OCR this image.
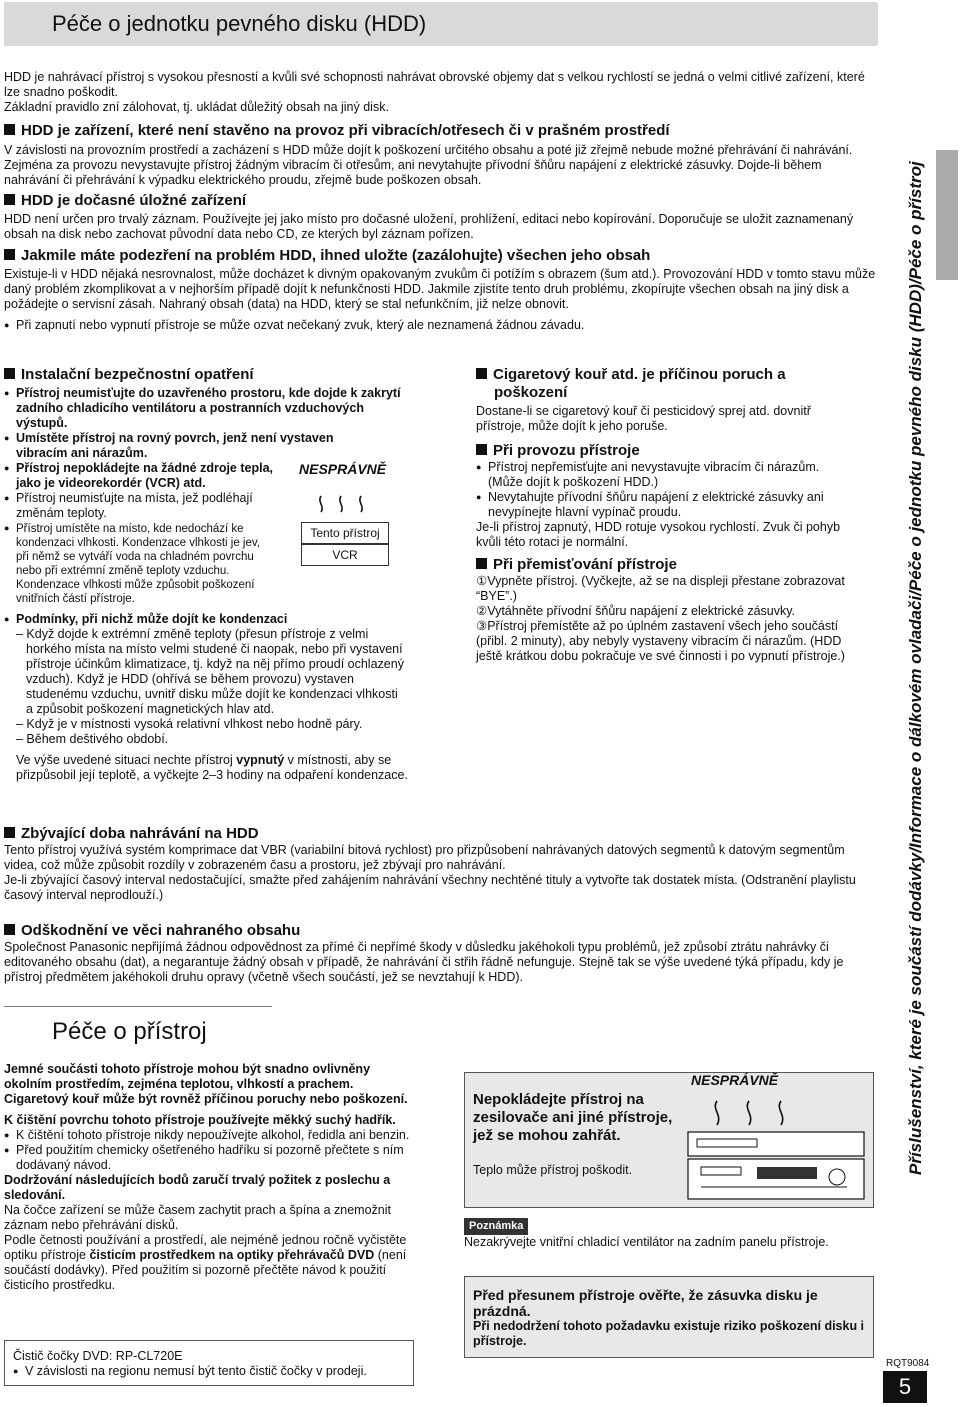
Péče o jednotku pevného disku (HDD)

HDD je nahrávací přístroj s vysokou přesností a kvůli své schopnosti nahrávat obrovské objemy dat s velkou rychlostí se jedná o velmi citlivé zařízení, které lze snadno poškodit.

Základní pravidlo zní zálohovat, tj. ukládat důležitý obsah na jiný disk.

HDD je zařízení, které není stavěno na provoz při vibracích/otřesech či v prašném prostředí

V závislosti na provozním prostředí a zacházení s HDD může dojít k poškození určitého obsahu a poté již zřejmě nebude možné přehrávání či nahrávání. Zejména za provozu nevystavujte přístroj žádným vibracím či otřesům, ani nevytahujte přívodní šňůru napájení z elektrické zásuvky. Dojde-li během nahrávání či přehrávání k výpadku elektrického proudu, zřejmě bude poškozen obsah.

HDD je dočasné úložné zařízení

HDD není určen pro trvalý záznam. Používejte jej jako místo pro dočasné uložení, prohlížení, editaci nebo kopírování. Doporučuje se uložit zaznamenaný obsah na disk nebo zachovat původní data nebo CD, ze kterých byl záznam pořízen.

Jakmile máte podezření na problém HDD, ihned uložte (zazálohujte) všechen jeho obsah

Existuje-li v HDD nějaká nesrovnalost, může docházet k divným opakovaným zvukům či potížím s obrazem (šum atd.). Provozování HDD v tomto stavu může daný problém zkomplikovat a v nejhorším případě dojít k nefunkčnosti HDD. Jakmile zjistíte tento druh problému, zkopírujte všechen obsah na jiný disk a požádejte o servisní zásah. Nahraný obsah (data) na HDD, který se stal nefunkčním, již nelze obnovit.

● Při zapnutí nebo vypnutí přístroje se může ozvat nečekaný zvuk, který ale neznamená žádnou závadu.

Instalační bezpečnostní opatření

● Přístroj neumisťujte do uzavřeného prostoru, kde dojde k zakrytí zadního chladicího ventilátoru a postranních vzduchových výstupů.

● Umístěte přístroj na rovný povrch, jenž není vystaven vibracím ani nárazům.

● Přístroj nepokládejte na žádné zdroje tepla, jako je videorekordér (VCR) atd.

● Přístroj neumisťujte na místa, jež podléhají změnám teploty.

● Přístroj umístěte na místo, kde nedochází ke kondenzaci vlhkosti. Kondenzace vlhkosti je jev, při němž se vytváří voda na chladném povrchu nebo při extrémní změně teploty vzduchu. Kondenzace vlhkosti může způsobit poškození vnitřních částí přístroje.

● Podmínky, při nichž může dojít ke kondenzaci

– Když dojde k extrémní změně teploty (přesun přístroje z velmi horkého místa na místo velmi studené či naopak, nebo při vystavení přístroje účinkům klimatizace, tj. když na něj přímo proudí ochlazený vzduch). Když je HDD (ohřívá se během provozu) vystaven studenému vzduchu, uvnitř disku může dojít ke kondenzaci vlhkosti a způsobit poškození magnetických hlav atd.

– Když je v místnosti vysoká relativní vlhkost nebo hodně páry.

– Během deštivého období.

Ve výše uvedené situaci nechte přístroj vypnutý v místnosti, aby se přizpůsobil její teplotě, a vyčkejte 2–3 hodiny na odpaření kondenzace.

NESPRÁVNĚ
Tento přístroj
VCR
Cigaretový kouř atd. je příčinou poruch a poškození

Dostane-li se cigaretový kouř či pesticidový sprej atd. dovnitř přístroje, může dojít k jeho poruše.

Při provozu přístroje

● Přístroj nepřemisťujte ani nevystavujte vibracím či nárazům. (Může dojít k poškození HDD.)

● Nevytahujte přívodní šňůru napájení z elektrické zásuvky ani nevypínejte hlavní vypínač proudu.

Je-li přístroj zapnutý, HDD rotuje vysokou rychlostí. Zvuk či pohyb kvůli této rotaci je normální.

Při přemisťování přístroje

①Vypněte přístroj. (Vyčkejte, až se na displeji přestane zobrazovat “BYE”.)

②Vytáhněte přívodní šňůru napájení z elektrické zásuvky.

③Přístroj přemístěte až po úplném zastavení všech jeho součástí (přibl. 2 minuty), aby nebyly vystaveny vibracím či nárazům. (HDD ještě krátkou dobu pokračuje ve své činnosti i po vypnutí přístroje.)

Zbývající doba nahrávání na HDD

Tento přístroj využívá systém komprimace dat VBR (variabilní bitová rychlost) pro přizpůsobení nahrávaných datových segmentů k datovým segmentům videa, což může způsobit rozdíly v zobrazeném času a prostoru, jež zbývají pro nahrávání.

Je-li zbývající časový interval nedostačující, smažte před zahájením nahrávání všechny nechtěné tituly a vytvořte tak dostatek místa. (Odstranění playlistu časový interval neprodlouží.)

Odškodnění ve věci nahraného obsahu

Společnost Panasonic nepřijímá žádnou odpovědnost za přímé či nepřímé škody v důsledku jakéhokoli typu problémů, jež způsobí ztrátu nahrávky či editovaného obsahu (dat), a negarantuje žádný obsah v případě, že nahrávání či střih řádně nefunguje. Stejně tak se výše uvedené týká případu, kdy je přístroj předmětem jakéhokoli druhu opravy (včetně všech součástí, jež se nevztahují k HDD).

Péče o přístroj

Jemné součásti tohoto přístroje mohou být snadno ovlivněny okolním prostředím, zejména teplotou, vlhkostí a prachem. Cigaretový kouř může být rovněž příčinou poruchy nebo poškození.

K čištění povrchu tohoto přístroje používejte měkký suchý hadřík.

● K čištění tohoto přístroje nikdy nepoužívejte alkohol, ředidla ani benzin.

● Před použitím chemicky ošetřeného hadříku si pozorně přečtete s ním dodávaný návod.

Dodržování následujících bodů zaručí trvalý požitek z poslechu a sledování.

Na čočce zařízení se může časem zachytit prach a špína a znemožnit záznam nebo přehrávání disků.

Podle četnosti používání a prostředí, ale nejméně jednou ročně vyčistěte optiku přístroje čisticím prostředkem na optiky přehrávačů DVD (není součástí dodávky). Před použitím si pozorně přečtěte návod k použití čisticího prostředku.

Čistič čočky DVD: RP-CL720E

● V závislosti na regionu nemusí být tento čistič čočky v prodeji.

Nepokládejte přístroj na zesilovače ani jiné přístroje, jež se mohou zahřát.

Teplo může přístroj poškodit.

NESPRÁVNĚ
Poznámka

Nezakrývejte vnitřní chladicí ventilátor na zadním panelu přístroje.

Před přesunem přístroje ověřte, že zásuvka disku je prázdná.

Při nedodržení tohoto požadavku existuje riziko poškození disku i přístroje.

Příslušenství, které je součástí dodávky/Informace o dálkovém ovladači/Péče o jednotku pevného disku (HDD)/Péče o přístroj
RQT9084
5
